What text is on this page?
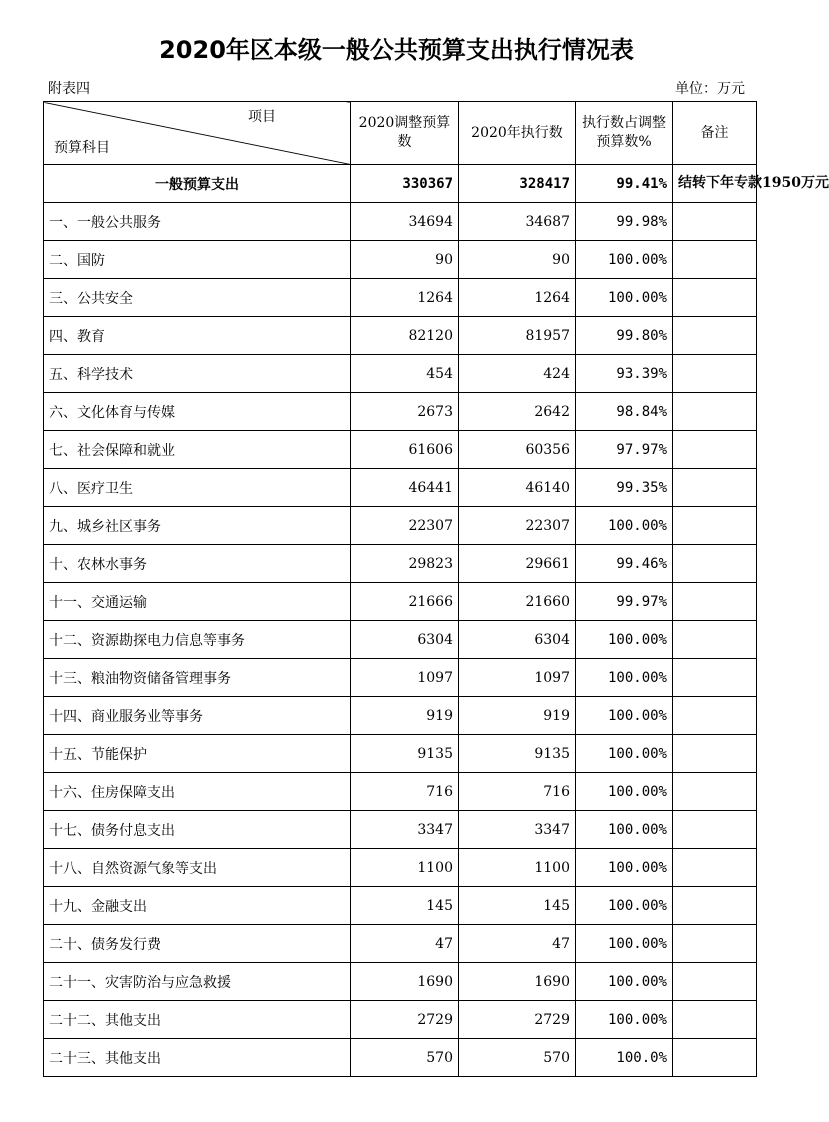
2020年区本级一般公共预算支出执行情况表
附表四	单位：万元
项目
预算科目	2020调整预算数	2020年执行数	执行数占调整预算数%	备注
一般预算支出	330367	328417	99.41%	结转下年专款1950万元
一、一般公共服务	34694	34687	99.98%	
二、国防	90	90	100.00%	
三、公共安全	1264	1264	100.00%	
四、教育	82120	81957	99.80%	
五、科学技术	454	424	93.39%	
六、文化体育与传媒	2673	2642	98.84%	
七、社会保障和就业	61606	60356	97.97%	
八、医疗卫生	46441	46140	99.35%	
九、城乡社区事务	22307	22307	100.00%	
十、农林水事务	29823	29661	99.46%	
十一、交通运输	21666	21660	99.97%	
十二、资源勘探电力信息等事务	6304	6304	100.00%	
十三、粮油物资储备管理事务	1097	1097	100.00%	
十四、商业服务业等事务	919	919	100.00%	
十五、节能保护	9135	9135	100.00%	
十六、住房保障支出	716	716	100.00%	
十七、债务付息支出	3347	3347	100.00%	
十八、自然资源气象等支出	1100	1100	100.00%	
十九、金融支出	145	145	100.00%	
二十、债务发行费	47	47	100.00%	
二十一、灾害防治与应急救援	1690	1690	100.00%	
二十二、其他支出	2729	2729	100.00%	
二十三、其他支出	570	570	100.0%	
